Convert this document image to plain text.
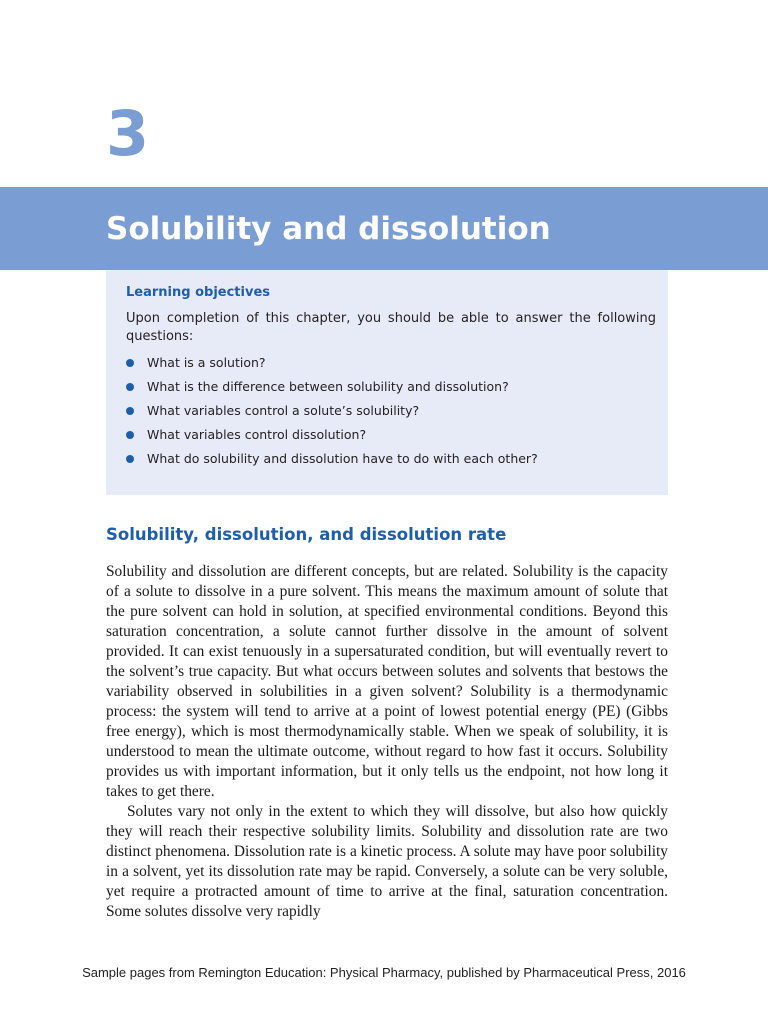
3
Solubility and dissolution
Learning objectives

Upon completion of this chapter, you should be able to answer the following questions:

What is a solution?
What is the difference between solubility and dissolution?
What variables control a solute’s solubility?
What variables control dissolution?
What do solubility and dissolution have to do with each other?
Solubility, dissolution, and dissolution rate

Solubility and dissolution are different concepts, but are related. Solubility is the capacity of a solute to dissolve in a pure solvent. This means the maximum amount of solute that the pure solvent can hold in solution, at specified environmental conditions. Beyond this saturation concentration, a solute cannot further dissolve in the amount of solvent provided. It can exist tenuously in a supersaturated condition, but will eventually revert to the solvent’s true capacity. But what occurs between solutes and solvents that bestows the variability observed in solubilities in a given solvent? Solubility is a thermodynamic process: the system will tend to arrive at a point of lowest potential energy (PE) (Gibbs free energy), which is most thermodynamically stable. When we speak of solubility, it is understood to mean the ultimate outcome, without regard to how fast it occurs. Solubility provides us with important information, but it only tells us the endpoint, not how long it takes to get there.

Solutes vary not only in the extent to which they will dissolve, but also how quickly they will reach their respective solubility limits. Solubility and dissolution rate are two distinct phenomena. Dissolution rate is a kinetic process. A solute may have poor solubility in a solvent, yet its dissolution rate may be rapid. Conversely, a solute can be very soluble, yet require a protracted amount of time to arrive at the final, saturation concentration. Some solutes dissolve very rapidly

Sample pages from Remington Education: Physical Pharmacy, published by Pharmaceutical Press, 2016
